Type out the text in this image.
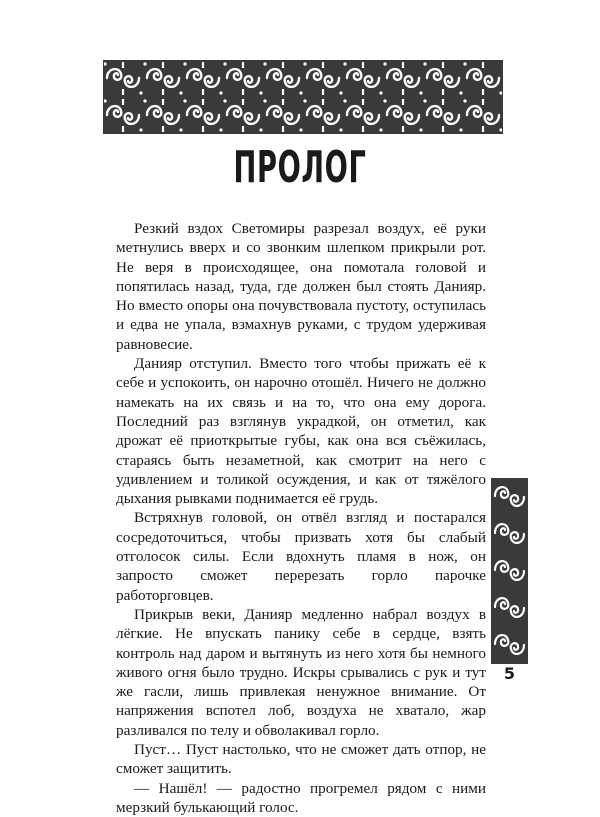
ПРОЛОГ

Резкий вздох Светомиры разрезал воздух, её руки метнулись вверх и со звонким шлепком прикрыли рот. Не веря в происходящее, она помотала головой и попятилась назад, туда, где должен был стоять Данияр. Но вместо опоры она почувствовала пустоту, оступилась и едва не упала, взмахнув руками, с трудом удерживая равновесие.

Данияр отступил. Вместо того чтобы прижать её к себе и успокоить, он нарочно отошёл. Ничего не должно намекать на их связь и на то, что она ему дорога. Последний раз взглянув украдкой, он отметил, как дрожат её приоткрытые губы, как она вся съёжилась, стараясь быть незаметной, как смотрит на него с удивлением и толикой осуждения, и как от тяжёлого дыхания рывками поднимается её грудь.

Встряхнув головой, он отвёл взгляд и постарался сосредоточиться, чтобы призвать хотя бы слабый отголосок силы. Если вдохнуть пламя в нож, он запросто сможет перерезать горло парочке работорговцев.

Прикрыв веки, Данияр медленно набрал воздух в лёгкие. Не впускать панику себе в сердце, взять контроль над даром и вытянуть из него хотя бы немного живого огня было трудно. Искры срывались с рук и тут же гасли, лишь привлекая ненужное внимание. От напряжения вспотел лоб, воздуха не хватало, жар разливался по телу и обволакивал горло.

Пуст… Пуст настолько, что не сможет дать отпор, не сможет защитить.

— Нашёл! — радостно прогремел рядом с ними мерзкий булькающий голос.

5
